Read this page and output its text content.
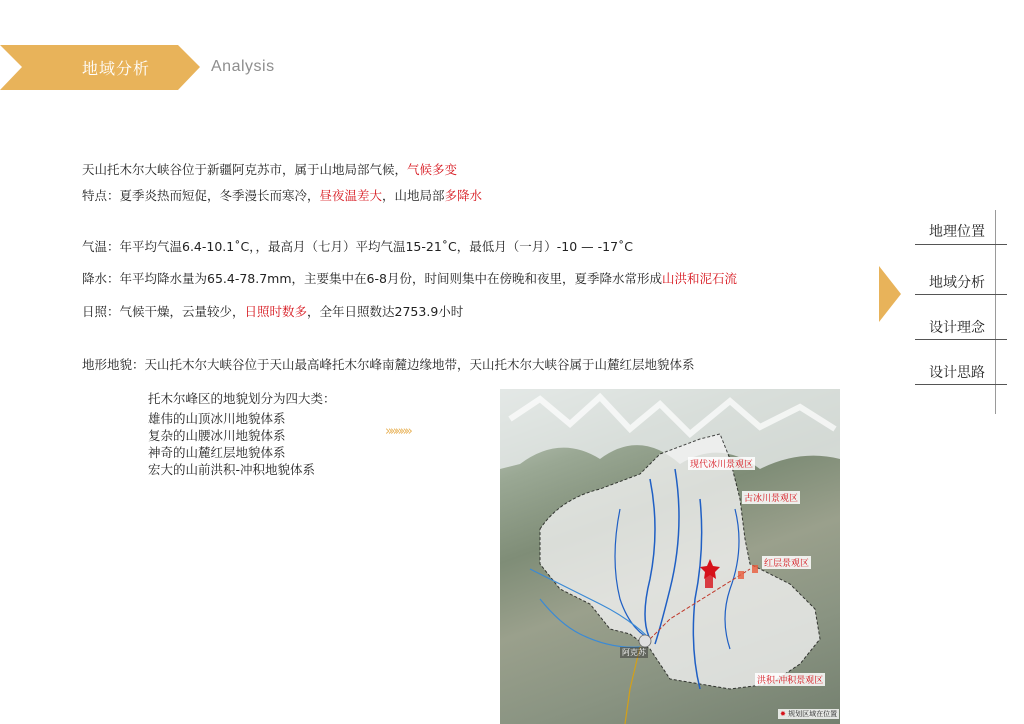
地域分析	Analysis
天山托木尔大峡谷位于新疆阿克苏市，属于山地局部气候，气候多变
特点：夏季炎热而短促，冬季漫长而寒冷，昼夜温差大，山地局部多降水
气温：年平均气温6.4-10.1˚C，，最高月（七月）平均气温15-21˚C，最低月（一月）-10 — -17˚C
降水：年平均降水量为65.4-78.7mm，主要集中在6-8月份，时间则集中在傍晚和夜里，夏季降水常形成山洪和泥石流
日照：气候干燥，云量较少，日照时数多，全年日照数达2753.9小时
地形地貌：天山托木尔大峡谷位于天山最高峰托木尔峰南麓边缘地带，天山托木尔大峡谷属于山麓红层地貌体系
托木尔峰区的地貌划分为四大类：
雄伟的山顶冰川地貌体系
复杂的山腰冰川地貌体系
神奇的山麓红层地貌体系
宏大的山前洪积-冲积地貌体系
»»»»»
现代冰川景观区
古冰川景观区
红层景观区
洪积-冲积景观区
阿克苏
✸ 规划区域在位置
地理位置
地域分析
设计理念
设计思路
